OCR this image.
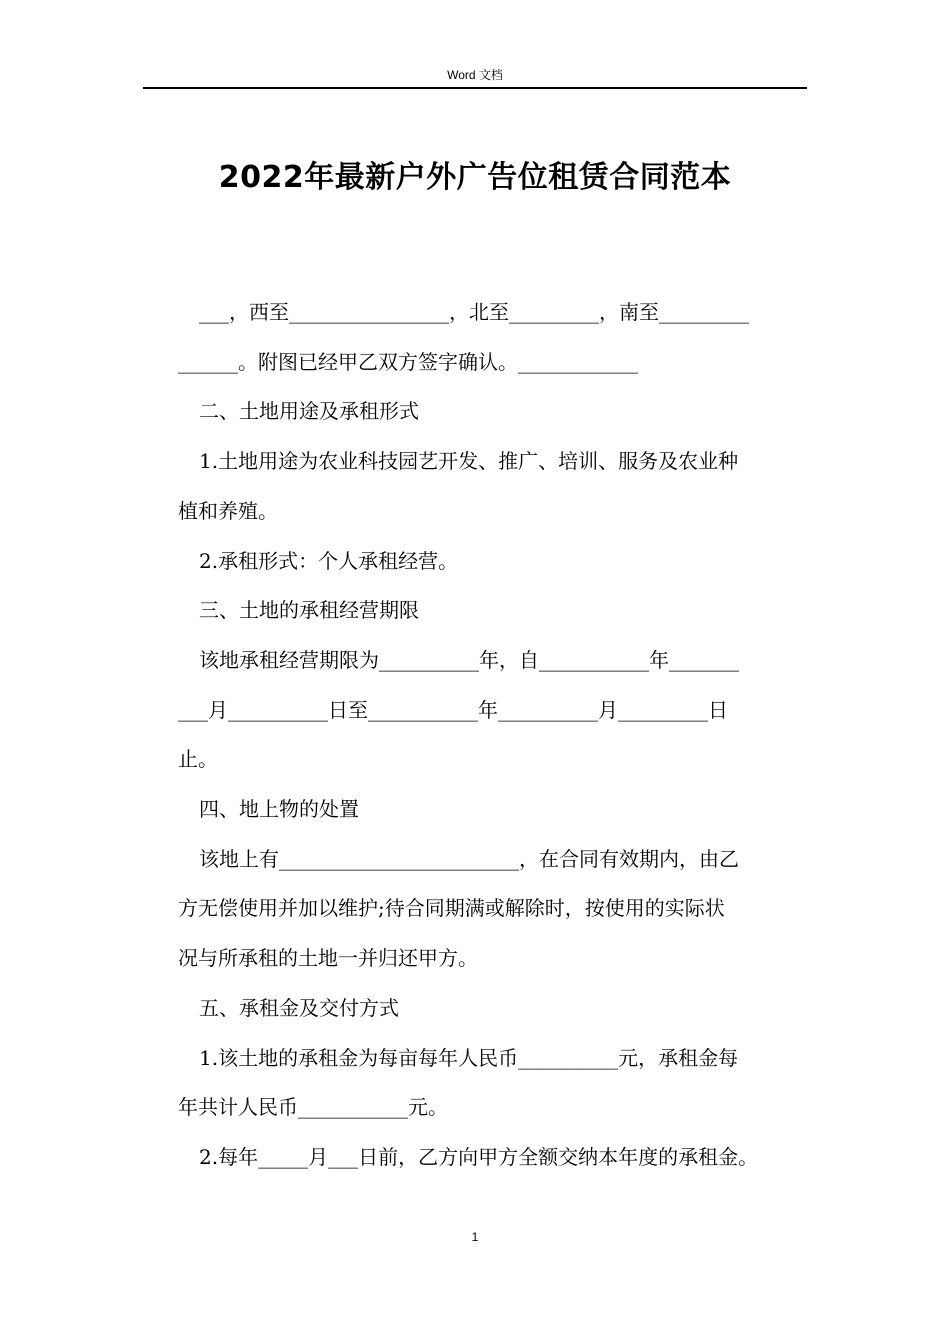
Word 文档
2022年最新户外广告位租赁合同范本

___，西至________________，北至_________，南至_________

______。附图已经甲乙双方签字确认。____________

二、土地用途及承租形式

1.土地用途为农业科技园艺开发、推广、培训、服务及农业种

植和养殖。

2.承租形式：个人承租经营。

三、土地的承租经营期限

该地承租经营期限为__________年，自___________年_______

___月__________日至___________年__________月_________日

止。

四、地上物的处置

该地上有________________________，在合同有效期内，由乙

方无偿使用并加以维护;待合同期满或解除时，按使用的实际状

况与所承租的土地一并归还甲方。

五、承租金及交付方式

1.该土地的承租金为每亩每年人民币__________元，承租金每

年共计人民币___________元。

2.每年_____月___日前，乙方向甲方全额交纳本年度的承租金。

1
